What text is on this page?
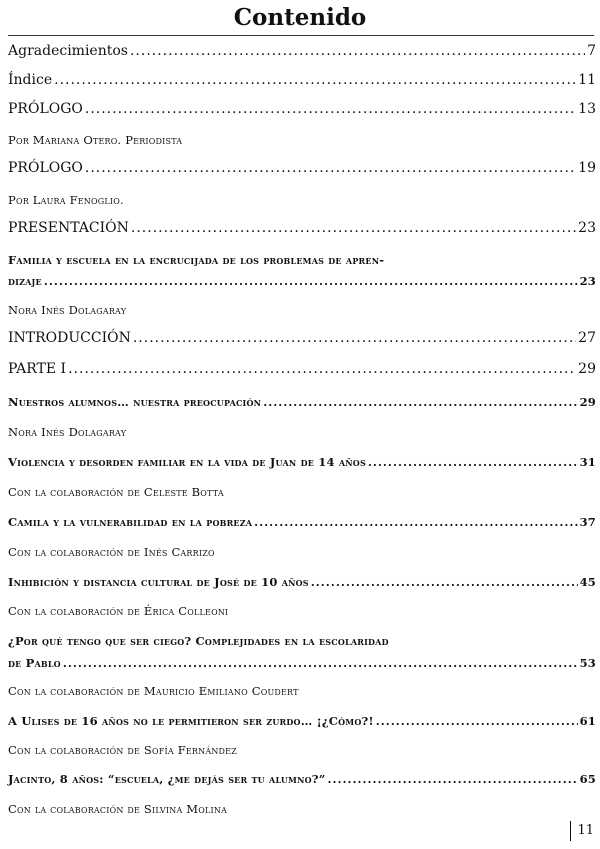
Contenido
Agradecimientos .....	7
Índice .....	11
PRÓLOGO .....	13
Por Mariana Otero. Periodista
PRÓLOGO .....	19
Por Laura Fenoglio.
PRESENTACIÓN .....	23
Familia y escuela en la encrucijada de los problemas de apren-
dizaje .....	23
Nora Inés Dolagaray
INTRODUCCIÓN .....	27
PARTE I .....	29
Nuestros alumnos… nuestra preocupación .....	29
Nora Inés Dolagaray
Violencia y desorden familiar en la vida de Juan de 14 años .....	31
Con la colaboración de Celeste Botta
Camila y la vulnerabilidad en la pobreza .....	37
Con la colaboración de Inés Carrizo
Inhibición y distancia cultural de José de 10 años .....	45
Con la colaboración de Érica Colleoni
¿Por qué tengo que ser ciego? Complejidades en la escolaridad
de Pablo .....	53
Con la colaboración de Mauricio Emiliano Coudert
A Ulises de 16 años no le permitieron ser zurdo… ¡¿Cómo?! .....	61
Con la colaboración de Sofía Fernández
Jacinto, 8 años: “escuela, ¿me dejás ser tu alumno?” .....	65
Con la colaboración de Silvina Molina
11
